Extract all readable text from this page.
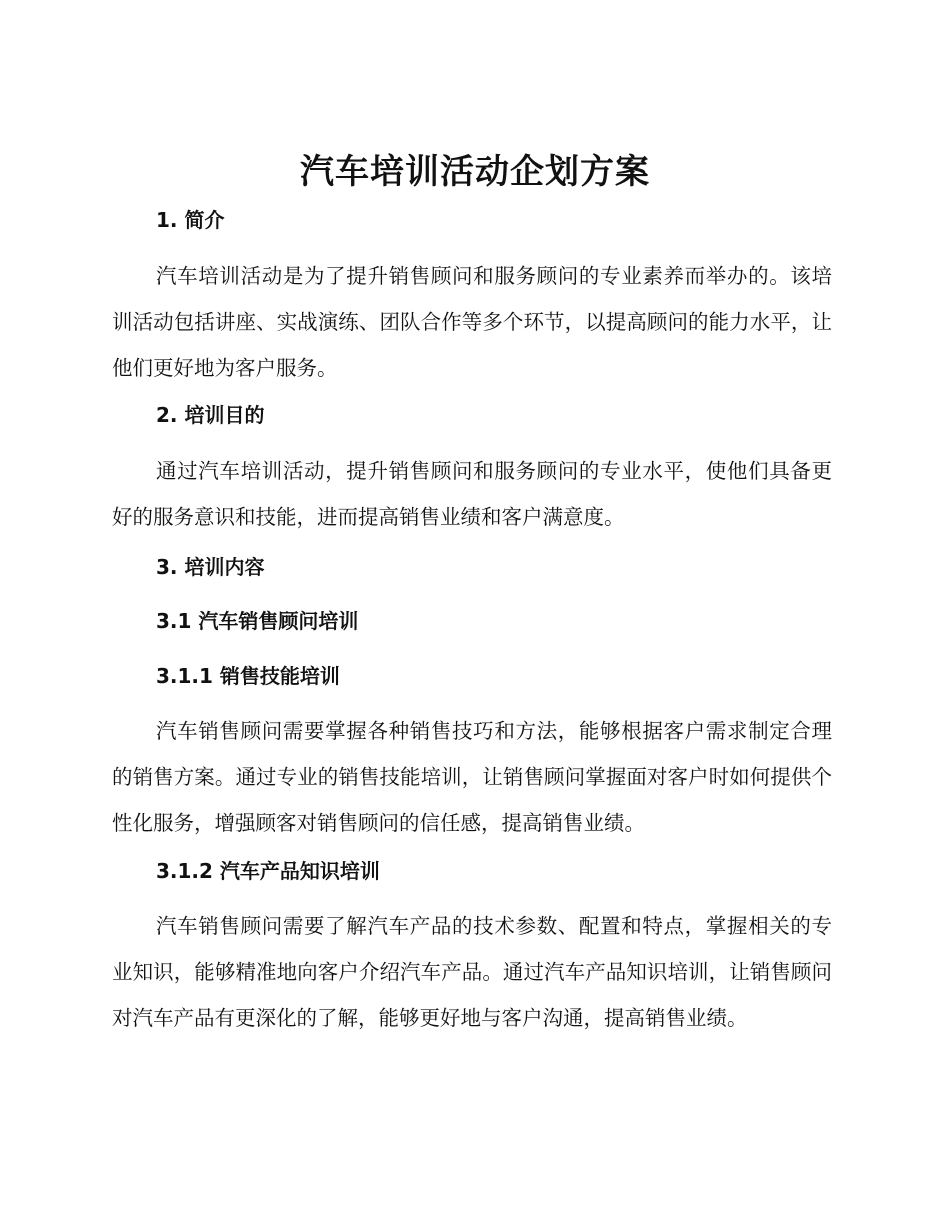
汽车培训活动企划方案
1. 简介

汽车培训活动是为了提升销售顾问和服务顾问的专业素养而举办的。该培训活动包括讲座、实战演练、团队合作等多个环节，以提高顾问的能力水平，让他们更好地为客户服务。

2. 培训目的

通过汽车培训活动，提升销售顾问和服务顾问的专业水平，使他们具备更好的服务意识和技能，进而提高销售业绩和客户满意度。

3. 培训内容
3.1 汽车销售顾问培训
3.1.1 销售技能培训

汽车销售顾问需要掌握各种销售技巧和方法，能够根据客户需求制定合理的销售方案。通过专业的销售技能培训，让销售顾问掌握面对客户时如何提供个性化服务，增强顾客对销售顾问的信任感，提高销售业绩。

3.1.2 汽车产品知识培训

汽车销售顾问需要了解汽车产品的技术参数、配置和特点，掌握相关的专业知识，能够精准地向客户介绍汽车产品。通过汽车产品知识培训，让销售顾问对汽车产品有更深化的了解，能够更好地与客户沟通，提高销售业绩。
